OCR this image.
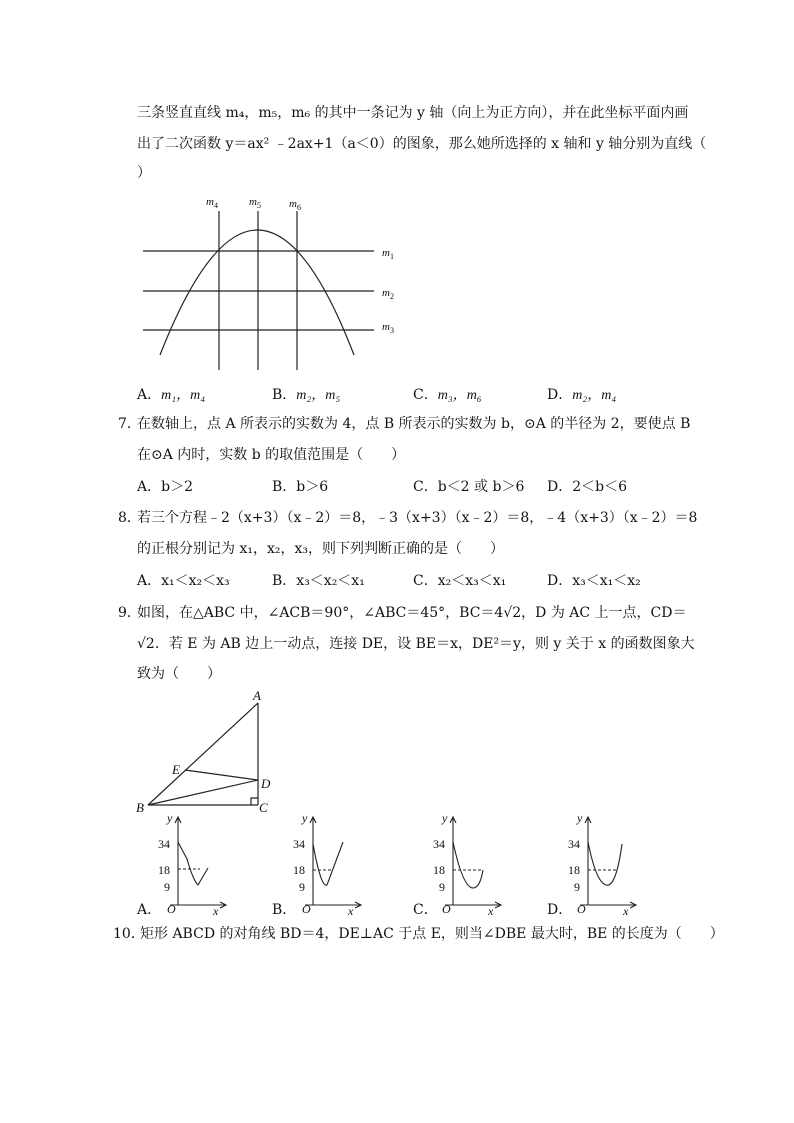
三条竖直直线 m₄，m₅，m₆ 的其中一条记为 y 轴（向上为正方向），并在此坐标平面内画
出了二次函数 y＝ax² ﹣2ax+1（a＜0）的图象，那么她所选择的 x 轴和 y 轴分别为直线（
）
$m_4$	$m_5$	$m_6$
$m_1$
$m_2$
$m_3$
A．m₁，m₄	B．m₂，m₅	C．m₃，m₆	D．m₂，m₄
7．
在数轴上，点 A 所表示的实数为 4，点 B 所表示的实数为 b，⊙A 的半径为 2，要使点 B
在⊙A 内时，实数 b 的取值范围是（　　）
A．b＞2	B．b＞6	C．b＜2 或 b＞6 D．2＜b＜6
8．
若三个方程﹣2（x+3）（x﹣2）＝8，﹣3（x+3）（x﹣2）＝8，﹣4（x+3）（x﹣2）＝8
的正根分别记为 x₁，x₂，x₃，则下列判断正确的是（　　）
A．x₁＜x₂＜x₃	B．x₃＜x₂＜x₁	C．x₂＜x₃＜x₁	D．x₃＜x₁＜x₂
9．
如图，在△ABC 中，∠ACB＝90°，∠ABC＝45°，BC＝4√2，D 为 AC 上一点，CD＝
√2．若 E 为 AB 边上一动点，连接 DE，设 BE＝x，DE²＝y，则 y 关于 x 的函数图象大
致为（　　）
A
E
D
B	C
y
34
18
9
O	x
A．
y
34
18
9
O	x
B．
y
34
18
9
O	x
C．
y
34
18
9
O	x
D．
10．
矩形 ABCD 的对角线 BD＝4，DE⊥AC 于点 E，则当∠DBE 最大时，BE 的长度为（　　）
